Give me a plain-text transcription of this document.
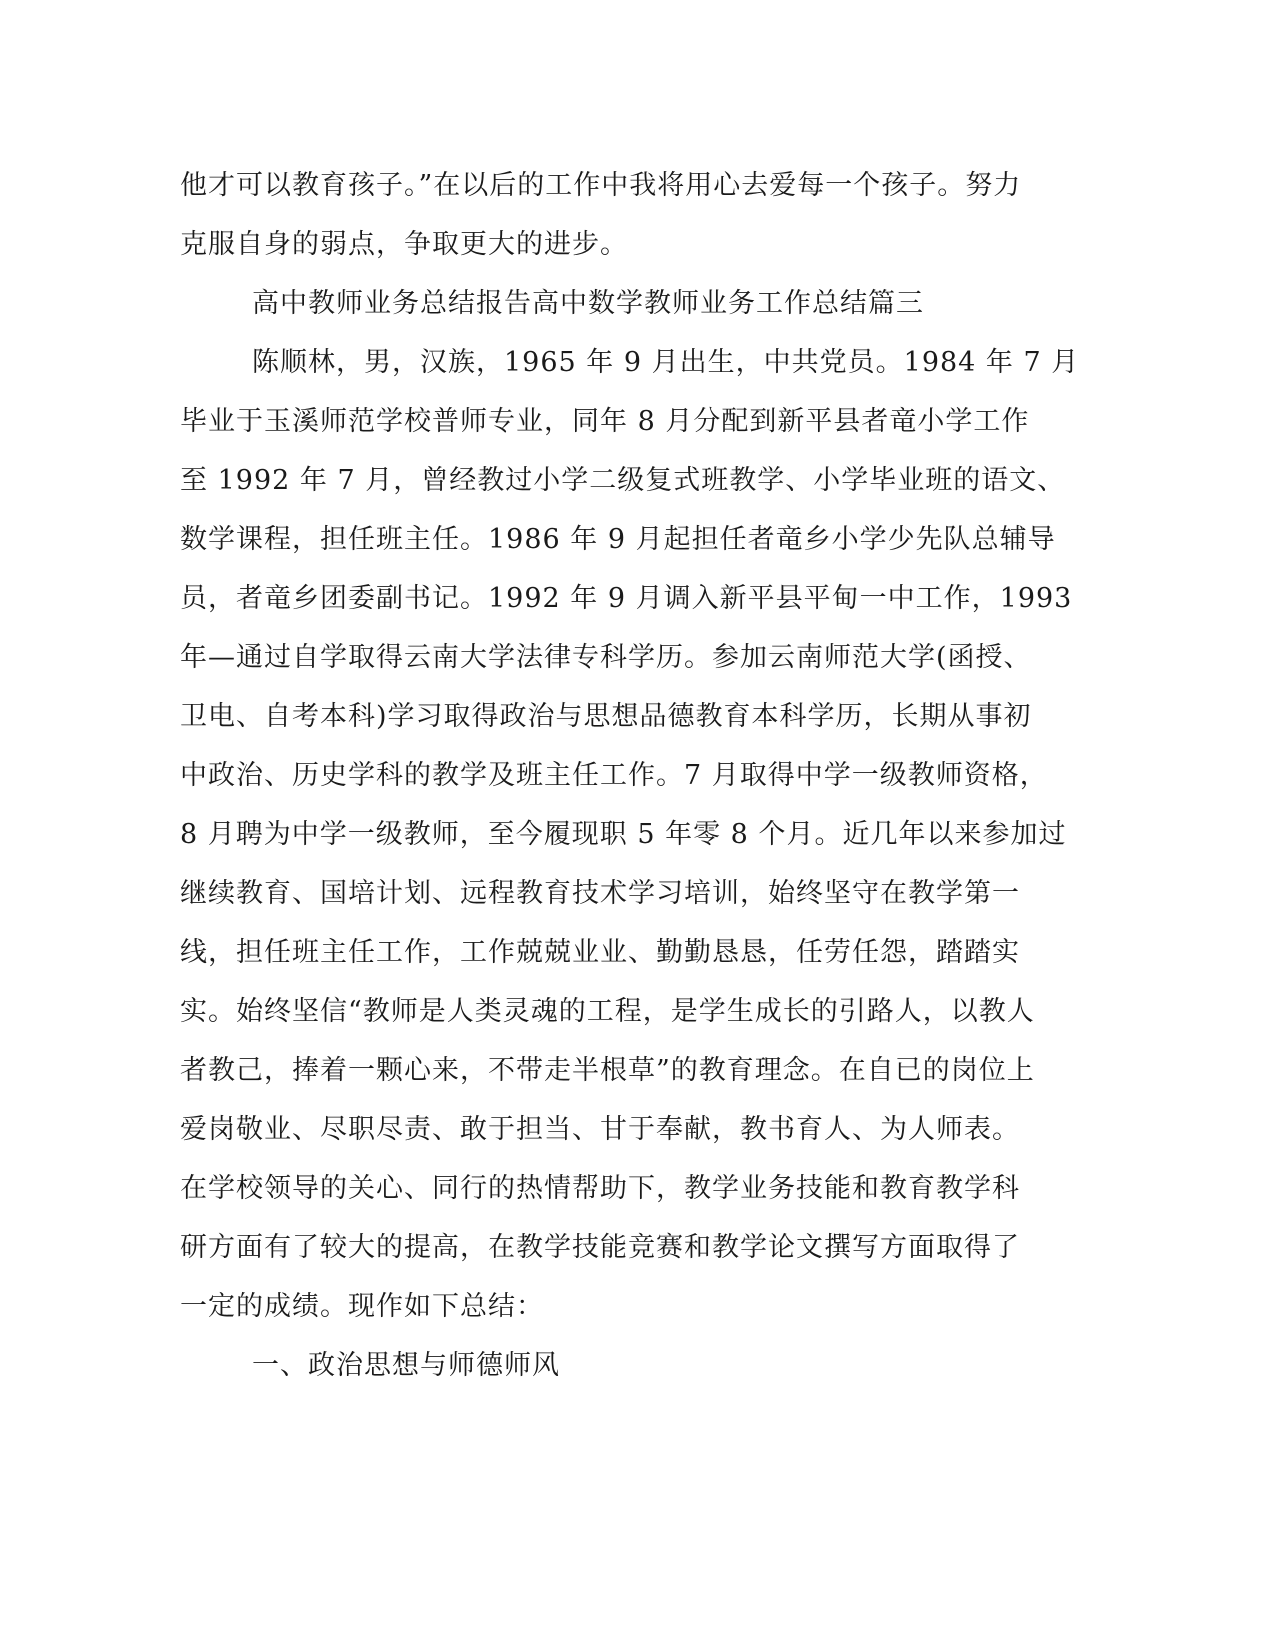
他才可以教育孩子。”在以后的工作中我将用心去爱每一个孩子。努力
克服自身的弱点，争取更大的进步。
高中教师业务总结报告高中数学教师业务工作总结篇三
陈顺林，男，汉族，1965 年 9 月出生，中共党员。1984 年 7 月
毕业于玉溪师范学校普师专业，同年 8 月分配到新平县者竜小学工作
至 1992 年 7 月，曾经教过小学二级复式班教学、小学毕业班的语文、
数学课程，担任班主任。1986 年 9 月起担任者竜乡小学少先队总辅导
员，者竜乡团委副书记。1992 年 9 月调入新平县平甸一中工作，1993
年—通过自学取得云南大学法律专科学历。参加云南师范大学(函授、
卫电、自考本科)学习取得政治与思想品德教育本科学历，长期从事初
中政治、历史学科的教学及班主任工作。7 月取得中学一级教师资格，
8 月聘为中学一级教师，至今履现职 5 年零 8 个月。近几年以来参加过
继续教育、国培计划、远程教育技术学习培训，始终坚守在教学第一
线，担任班主任工作，工作兢兢业业、勤勤恳恳，任劳任怨，踏踏实
实。始终坚信“教师是人类灵魂的工程，是学生成长的引路人，以教人
者教己，捧着一颗心来，不带走半根草”的教育理念。在自已的岗位上
爱岗敬业、尽职尽责、敢于担当、甘于奉献，教书育人、为人师表。
在学校领导的关心、同行的热情帮助下，教学业务技能和教育教学科
研方面有了较大的提高，在教学技能竞赛和教学论文撰写方面取得了
一定的成绩。现作如下总结：
一、政治思想与师德师风
